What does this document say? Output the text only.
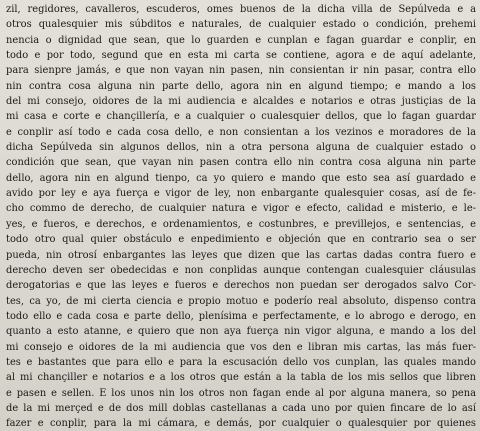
zil, regidores, cavalleros, escuderos, omes buenos de la dicha villa de Sepúlveda e a
otros qualesquier mis súbditos e naturales, de cualquier estado o condición, prehemi
nencia o dignidad que sean, que lo guarden e cunplan e fagan guardar e conplir, en
todo e por todo, segund que en esta mi carta se contiene, agora e de aquí adelante,
para sienpre jamás, e que non vayan nin pasen, nin consientan ir nin pasar, contra ello
nin contra cosa alguna nin parte dello, agora nin en algund tiempo; e mando a los
del mi consejo, oidores de la mi audiencia e alcaldes e notarios e otras justiçias de la
mi casa e corte e chançillería, e a cualquier o cualesquier dellos, que lo fagan guardar
e conplir así todo e cada cosa dello, e non consientan a los vezinos e moradores de la
dicha Sepúlveda sin algunos dellos, nin a otra persona alguna de cualquier estado o
condición que sean, que vayan nin pasen contra ello nin contra cosa alguna nin parte
dello, agora nin en algund tienpo, ca yo quiero e mando que esto sea así guardado e
avido por ley e aya fuerça e vigor de ley, non enbargante qualesquier cosas, así de fe-
cho commo de derecho, de cualquier natura e vigor e efecto, calidad e misterio, e le-
yes, e fueros, e derechos, e ordenamientos, e costunbres, e previllejos, e sentencias, e
todo otro qual quier obstáculo e enpedimiento e objeción que en contrario sea o ser
pueda, nin otrosí enbargantes las leyes que dizen que las cartas dadas contra fuero e
derecho deven ser obedecidas e non conplidas aunque contengan cualesquier cláusulas
derogatorias e que las leyes e fueros e derechos non puedan ser derogados salvo Cor-
tes, ca yo, de mi cierta ciencia e propio motuo e poderío real absoluto, dispenso contra
todo ello e cada cosa e parte dello, plenísima e perfectamente, e lo abrogo e derogo, en
quanto a esto atanne, e quiero que non aya fuerça nin vigor alguna, e mando a los del
mi consejo e oidores de la mi audiencia que vos den e libran mis cartas, las más fuer-
tes e bastantes que para ello e para la escusación dello vos cunplan, las quales mando
al mi chançiller e notarios e a los otros que están a la tabla de los mis sellos que libren
e pasen e sellen. E los unos nin los otros non fagan ende al por alguna manera, so pena
de la mi merçed e de dos mill doblas castellanas a cada uno por quien fincare de lo así
fazer e conplir, para la mi cámara, e demás, por cualquier o qualesquier por quienes
